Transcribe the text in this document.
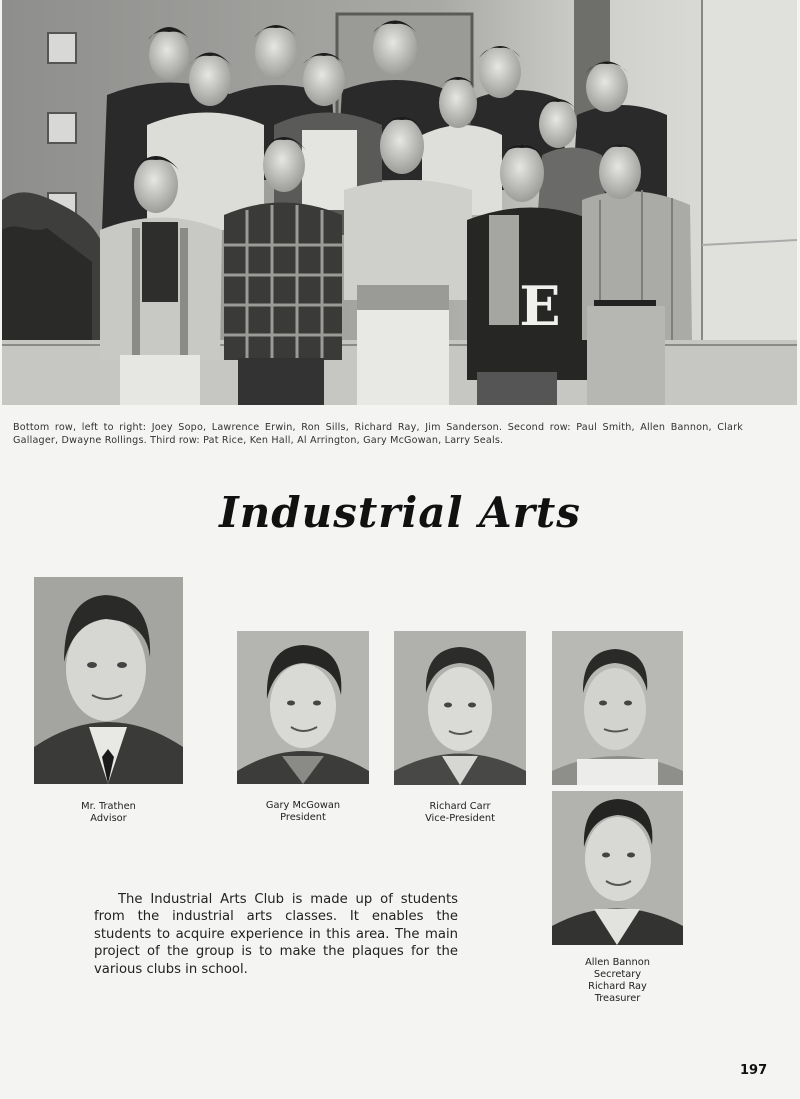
E
Bottom row, left to right: Joey Sopo, Lawrence Erwin, Ron Sills, Richard Ray, Jim Sanderson. Second row: Paul Smith, Allen Bannon, Clark Gallager, Dwayne Rollings. Third row: Pat Rice, Ken Hall, Al Arrington, Gary McGowan, Larry Seals.
Industrial Arts
Mr. Trathen
Advisor
Gary McGowan
President
Richard Carr
Vice-President
Allen Bannon
Secretary
Richard Ray
Treasurer
The Industrial Arts Club is made up of students from the industrial arts classes. It enables the students to acquire experience in this area. The main project of the group is to make the plaques for the various clubs in school.
197
